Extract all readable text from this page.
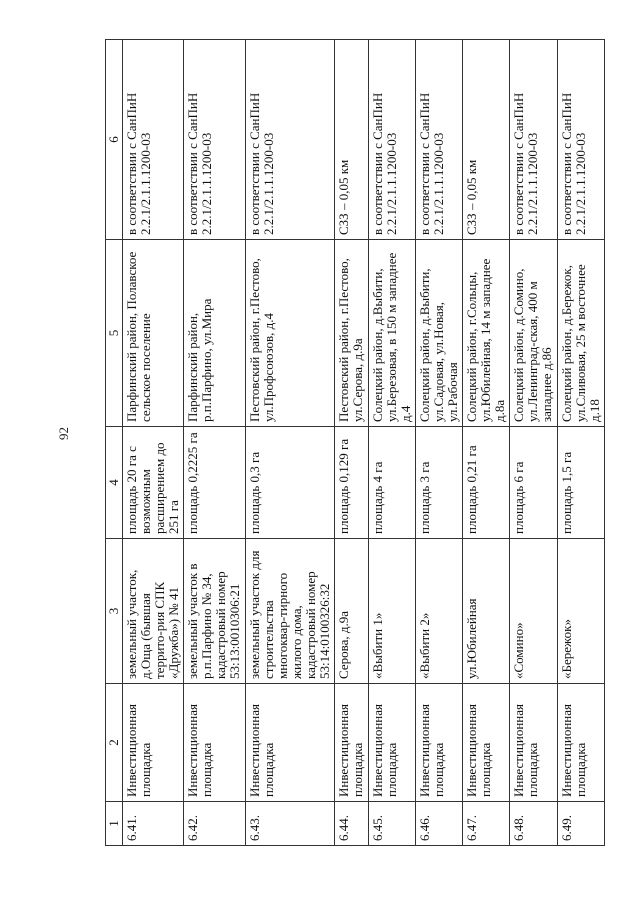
92
1	2	3	4	5	6
6.41.	Инвестиционная площадка	земельный участок, д.Оща (бывшая террито-рия СПК «Дружба») № 41	площадь 20 га с возможным расширением до 251 га	Парфинский район, Полавское сельское поселение	в соответствии с СанПиН 2.2.1/2.1.1.1200-03
6.42.	Инвестиционная площадка	земельный участок в р.п.Парфино № 34, кадастровый номер 53:13:0010306:21	площадь 0,2225 га	Парфинский район, р.п.Парфино, ул.Мира	в соответствии с СанПиН 2.2.1/2.1.1.1200-03
6.43.	Инвестиционная площадка	земельный участок для строительства многоквар-тирного жилого дома, кадастровый номер 53:14:0100326:32	площадь 0,3 га	Пестовский район, г.Пестово, ул.Профсоюзов, д.4	в соответствии с СанПиН 2.2.1/2.1.1.1200-03
6.44.	Инвестиционная площадка	Серова, д.9а	площадь 0,129 га	Пестовский район, г.Пестово, ул.Серова, д.9а	СЗЗ – 0,05 км
6.45.	Инвестиционная площадка	«Выбити 1»	площадь 4 га	Солецкий район, д.Выбити, ул.Березовая, в 150 м западнее д.4	в соответствии с СанПиН 2.2.1/2.1.1.1200-03
6.46.	Инвестиционная площадка	«Выбити 2»	площадь 3 га	Солецкий район, д.Выбити, ул.Садовая, ул.Новая, ул.Рабочая	в соответствии с СанПиН 2.2.1/2.1.1.1200-03
6.47.	Инвестиционная площадка	ул.Юбилейная	площадь 0,21 га	Солецкий район, г.Сольцы, ул.Юбилейная, 14 м западнее д.8а	СЗЗ – 0,05 км
6.48.	Инвестиционная площадка	«Сомино»	площадь 6 га	Солецкий район, д.Сомино, ул.Ленинград-ская, 400 м западнее д.86	в соответствии с СанПиН 2.2.1/2.1.1.1200-03
6.49.	Инвестиционная площадка	«Бережок»	площадь 1,5 га	Солецкий район, д.Бережок, ул.Сливовая, 25 м восточнее д.18	в соответствии с СанПиН 2.2.1/2.1.1.1200-03
